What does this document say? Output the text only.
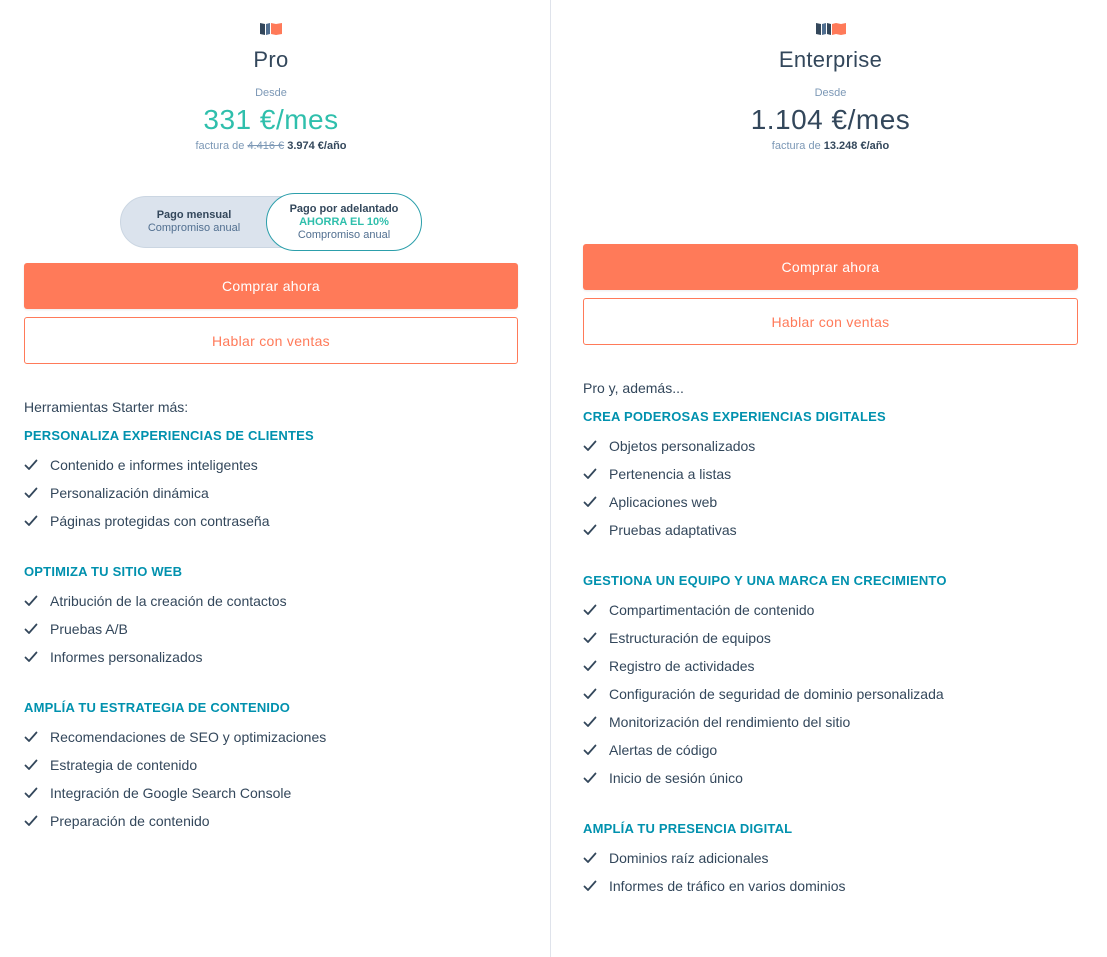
Pro
Desde
331 €/mes
factura de 4.416 € 3.974 €/año
Pago mensual
Compromiso anual
Pago por adelantado
AHORRA EL 10%
Compromiso anual
Comprar ahora
Hablar con ventas
Herramientas Starter más:
PERSONALIZA EXPERIENCIAS DE CLIENTES
Contenido e informes inteligentes
Personalización dinámica
Páginas protegidas con contraseña
OPTIMIZA TU SITIO WEB
Atribución de la creación de contactos
Pruebas A/B
Informes personalizados
AMPLÍA TU ESTRATEGIA DE CONTENIDO
Recomendaciones de SEO y optimizaciones
Estrategia de contenido
Integración de Google Search Console
Preparación de contenido
Enterprise
Desde
1.104 €/mes
factura de 13.248 €/año
Comprar ahora
Hablar con ventas
Pro y, además...
CREA PODEROSAS EXPERIENCIAS DIGITALES
Objetos personalizados
Pertenencia a listas
Aplicaciones web
Pruebas adaptativas
GESTIONA UN EQUIPO Y UNA MARCA EN CRECIMIENTO
Compartimentación de contenido
Estructuración de equipos
Registro de actividades
Configuración de seguridad de dominio personalizada
Monitorización del rendimiento del sitio
Alertas de código
Inicio de sesión único
AMPLÍA TU PRESENCIA DIGITAL
Dominios raíz adicionales
Informes de tráfico en varios dominios
